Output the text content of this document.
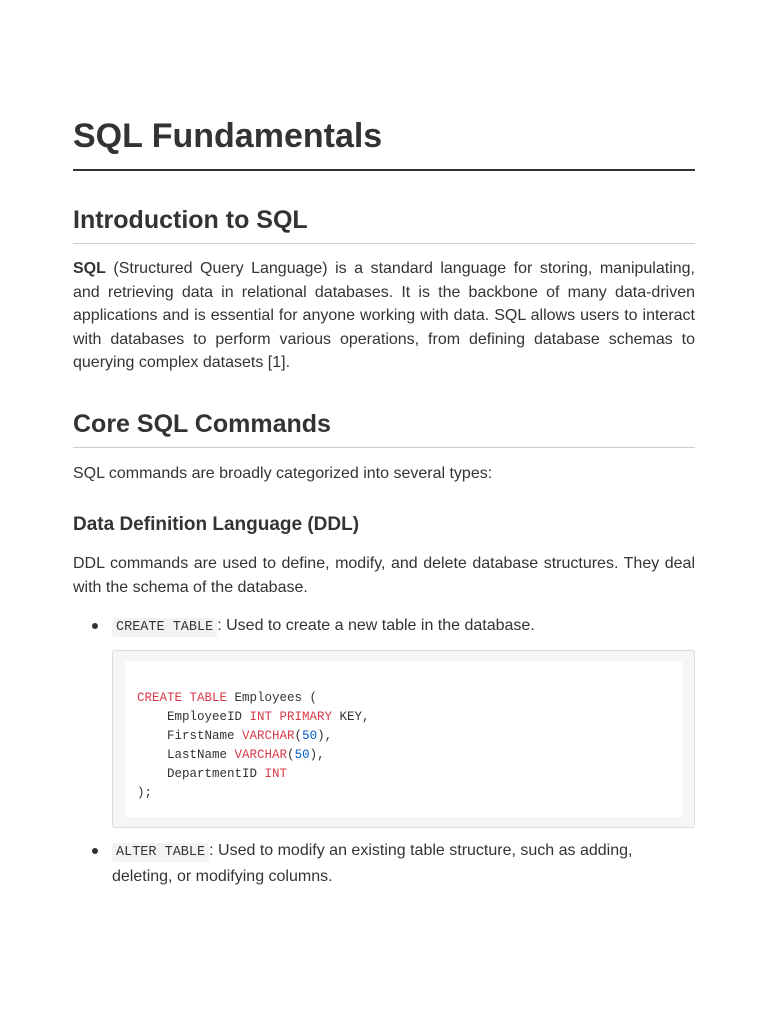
SQL Fundamentals
Introduction to SQL

SQL (Structured Query Language) is a standard language for storing, manipulating, and retrieving data in relational databases. It is the backbone of many data-driven applications and is essential for anyone working with data. SQL allows users to interact with databases to perform various operations, from defining database schemas to querying complex datasets [1].

Core SQL Commands

SQL commands are broadly categorized into several types:

Data Definition Language (DDL)

DDL commands are used to define, modify, and delete database structures. They deal with the schema of the database.

CREATE TABLE : Used to create a new table in the database.
CREATE TABLE Employees (
EmployeeID INT PRIMARY KEY,
FirstName VARCHAR(50),
LastName VARCHAR(50),
DepartmentID INT
);
ALTER TABLE : Used to modify an existing table structure, such as adding, deleting, or modifying columns.
